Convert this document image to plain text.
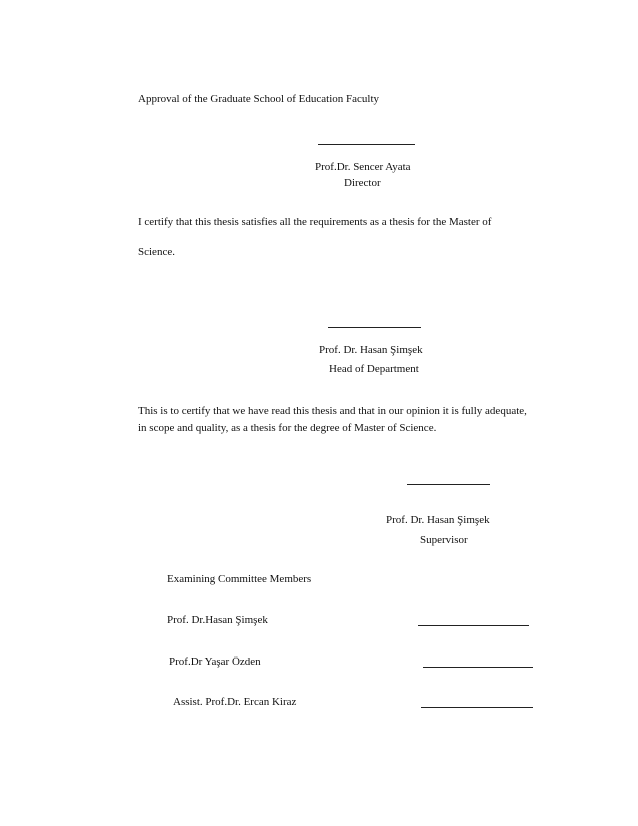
Approval of the Graduate School of Education Faculty
Prof.Dr. Sencer Ayata
Director
I certify that this thesis satisfies all the requirements as a thesis for the Master of
Science.
Prof. Dr. Hasan Şimşek
Head of Department
This is to certify that we have read this thesis and that in our opinion it is fully adequate,
in scope and quality, as a thesis for the degree of Master of Science.
Prof. Dr. Hasan Şimşek
Supervisor
Examining Committee Members
Prof. Dr.Hasan Şimşek
Prof.Dr Yaşar Özden
Assist. Prof.Dr. Ercan Kiraz
